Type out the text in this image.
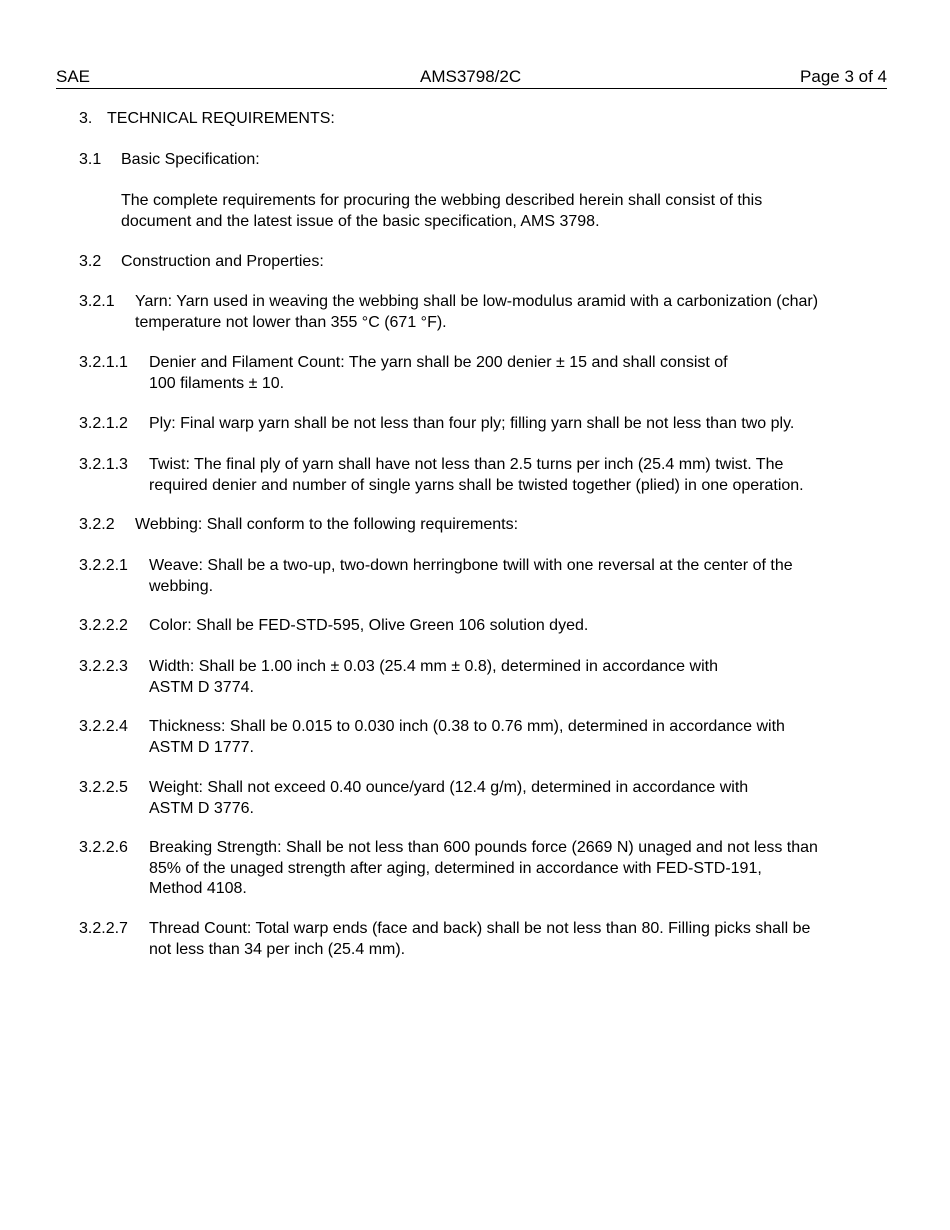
SAE	AMS3798/2C	Page 3 of 4
3. TECHNICAL REQUIREMENTS:
3.1 Basic Specification:
The complete requirements for procuring the webbing described herein shall consist of this
document and the latest issue of the basic specification, AMS 3798.
3.2 Construction and Properties:
3.2.1 Yarn: Yarn used in weaving the webbing shall be low-modulus aramid with a carbonization (char)
temperature not lower than 355 °C (671 °F).
3.2.1.1 Denier and Filament Count: The yarn shall be 200 denier ± 15 and shall consist of
100 filaments ± 10.
3.2.1.2 Ply: Final warp yarn shall be not less than four ply; filling yarn shall be not less than two ply.
3.2.1.3 Twist: The final ply of yarn shall have not less than 2.5 turns per inch (25.4 mm) twist. The
required denier and number of single yarns shall be twisted together (plied) in one operation.
3.2.2 Webbing: Shall conform to the following requirements:
3.2.2.1 Weave: Shall be a two-up, two-down herringbone twill with one reversal at the center of the
webbing.
3.2.2.2 Color: Shall be FED-STD-595, Olive Green 106 solution dyed.
3.2.2.3 Width: Shall be 1.00 inch ± 0.03 (25.4 mm ± 0.8), determined in accordance with
ASTM D 3774.
3.2.2.4 Thickness: Shall be 0.015 to 0.030 inch (0.38 to 0.76 mm), determined in accordance with
ASTM D 1777.
3.2.2.5 Weight: Shall not exceed 0.40 ounce/yard (12.4 g/m), determined in accordance with
ASTM D 3776.
3.2.2.6 Breaking Strength: Shall be not less than 600 pounds force (2669 N) unaged and not less than
85% of the unaged strength after aging, determined in accordance with FED-STD-191,
Method 4108.
3.2.2.7 Thread Count: Total warp ends (face and back) shall be not less than 80. Filling picks shall be
not less than 34 per inch (25.4 mm).
